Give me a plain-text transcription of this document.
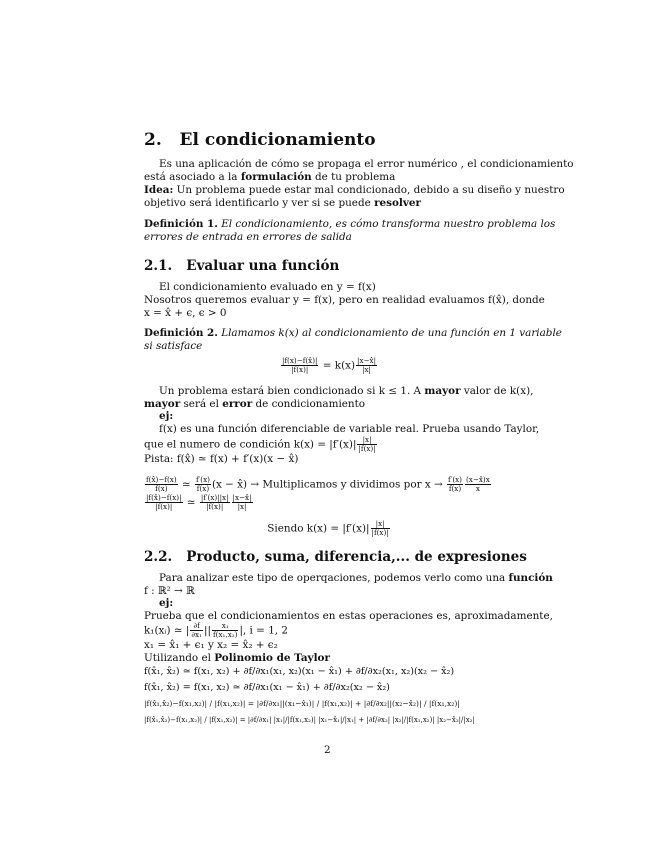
2. El condicionamiento
Es una aplicación de cómo se propaga el error numérico , el condicionamiento
está asociado a la formulación de tu problema
Idea: Un problema puede estar mal condicionado, debido a su diseño y nuestro
objetivo será identificarlo y ver si se puede resolver
Definición 1. El condicionamiento, es cómo transforma nuestro problema los
errores de entrada en errores de salida
2.1. Evaluar una función
El condicionamiento evaluado en y = f(x)
Nosotros queremos evaluar y = f(x), pero en realidad evaluamos f(x̂), donde
x = x̂ + ϵ, ϵ > 0
Definición 2. Llamamos k(x) al condicionamiento de una función en 1 variable
si satisface
$\frac{|f(x)-f(x̂)|}{|f(x)|} = k(x) \frac{|x-x̂|}{|x|}$
Un problema estará bien condicionado si k ≤ 1. A mayor valor de k(x),
mayor será el error de condicionamiento
ej:
f(x) es una función diferenciable de variable real. Prueba usando Taylor,
que el numero de condición $k(x) = |f'(x)| \frac{|x|}{|f(x)|}$
Pista: f(x̂) ≃ f(x) + f′(x)(x − x̂)
$\frac{f(x̂)-f(x)}{f(x)}$ ≃ $\frac{f'(x)}{f(x)} (x$ − x̂) → Multiplicamos y dividimos por $x \to \frac{f'(x)}{f(x)} \frac{(x-x̂)x}{x}$
$\frac{|f(x̂)-f(x)|}{|f(x)|}$ ≃ $\frac{|f'(x)||x|}{|f(x)|} \frac{|x-x̂|}{|x|}$
Siendo $k(x) = |f'(x)| \frac{|x|}{|f(x)|}$
2.2. Producto, suma, diferencia,... de expresiones
Para analizar este tipo de operqaciones, podemos verlo como una función
f : ℝ² → ℝ
ej:
Prueba que el condicionamientos en estas operaciones es, aproximadamente,
k₁(xᵢ) ≃ | $\frac{\partial f}{\text{∂x₁}}$ || $\frac{\text{x₁}}{\text{f(x₁,x₂)}}$ |, i = 1, 2
x₁ = x̂₁ + ϵ₁ y x₂ = x̂₂ + ϵ₂
Utilizando el Polinomio de Taylor
f(x̂₁, x̂₂) ≃ f(x₁, x₂) + ∂f/∂x₁(x₁, x₂)(x₁ − x̂₁) + ∂f/∂x₂(x₁, x₂)(x₂ − x̂₂)
f(x̂₁, x̂₂) = f(x₁, x₂) ≃ ∂f/∂x₁(x₁ − x̂₁) + ∂f/∂x₂(x₂ − x̂₂)
|f(x̂₁,x̂₂)−f(x₁,x₂)| / |f(x₁,x₂)| = |∂f/∂x₁||(x₁−x̂₁)| / |f(x₁,x₂)| + |∂f/∂x₂||(x₂−x̂₂)| / |f(x₁,x₂)|
|f(x̂₁,x̂₂)−f(x₁,x₂)| / |f(x₁,x₂)| = |∂f/∂x₁| |x₁|/|f(x₁,x₂)| |x₁−x̂₁|/|x₁| + |∂f/∂x₂| |x₂|/|f(x₁,x₂)| |x₂−x̂₂|/|x₂|
2
